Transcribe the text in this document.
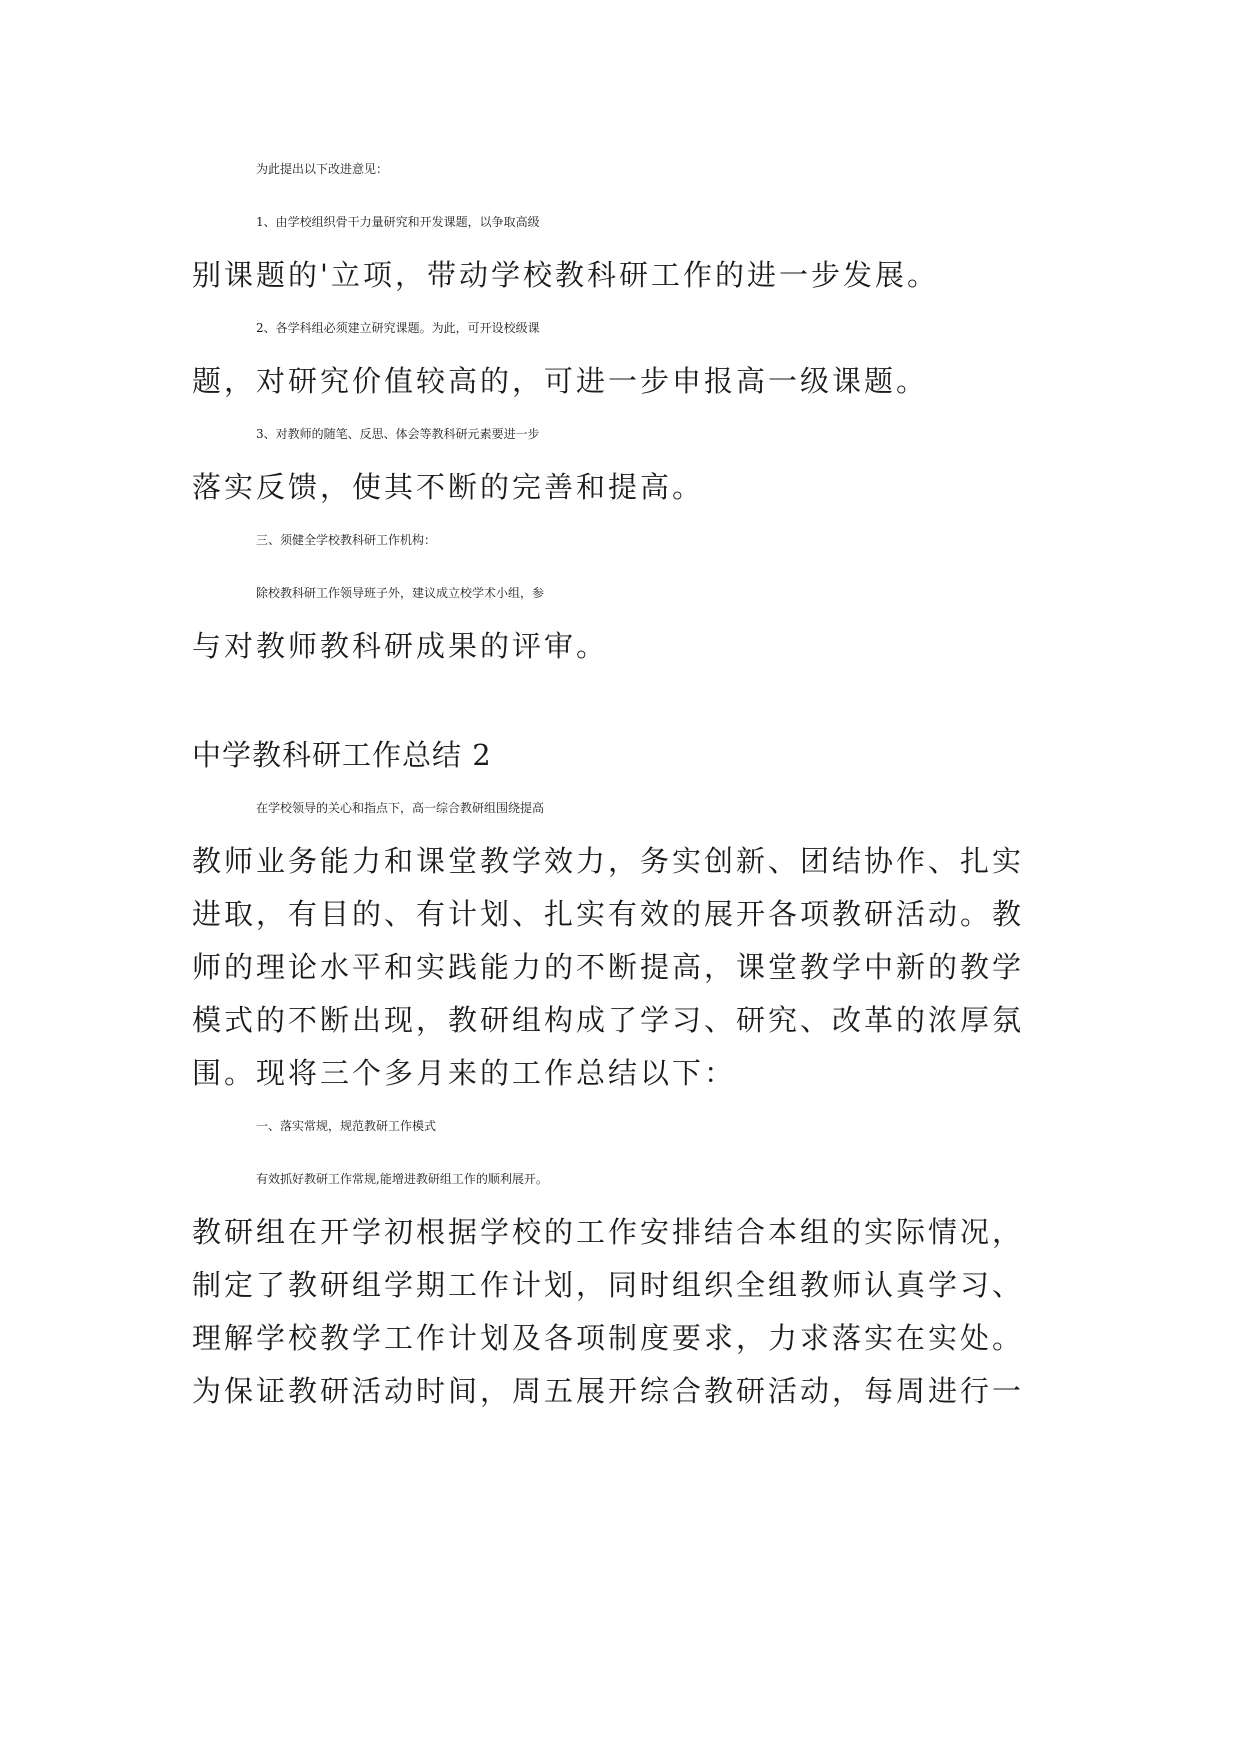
为此提出以下改进意见：
1、由学校组织骨干力量研究和开发课题，以争取高级
别课题的'立项，带动学校教科研工作的进一步发展。
2、各学科组必须建立研究课题。为此，可开设校级课
题，对研究价值较高的，可进一步申报高一级课题。
3、对教师的随笔、反思、体会等教科研元素要进一步
落实反馈，使其不断的完善和提高。
三、须健全学校教科研工作机构：
除校教科研工作领导班子外，建议成立校学术小组，参
与对教师教科研成果的评审。
中学教科研工作总结 2
在学校领导的关心和指点下，高一综合教研组围绕提高
教师业务能力和课堂教学效力，务实创新、团结协作、扎实
进取，有目的、有计划、扎实有效的展开各项教研活动。教
师的理论水平和实践能力的不断提高，课堂教学中新的教学
模式的不断出现，教研组构成了学习、研究、改革的浓厚氛
围。现将三个多月来的工作总结以下：
一、落实常规，规范教研工作模式
有效抓好教研工作常规,能增进教研组工作的顺利展开。
教研组在开学初根据学校的工作安排结合本组的实际情况，
制定了教研组学期工作计划，同时组织全组教师认真学习、
理解学校教学工作计划及各项制度要求，力求落实在实处。
为保证教研活动时间，周五展开综合教研活动，每周进行一
